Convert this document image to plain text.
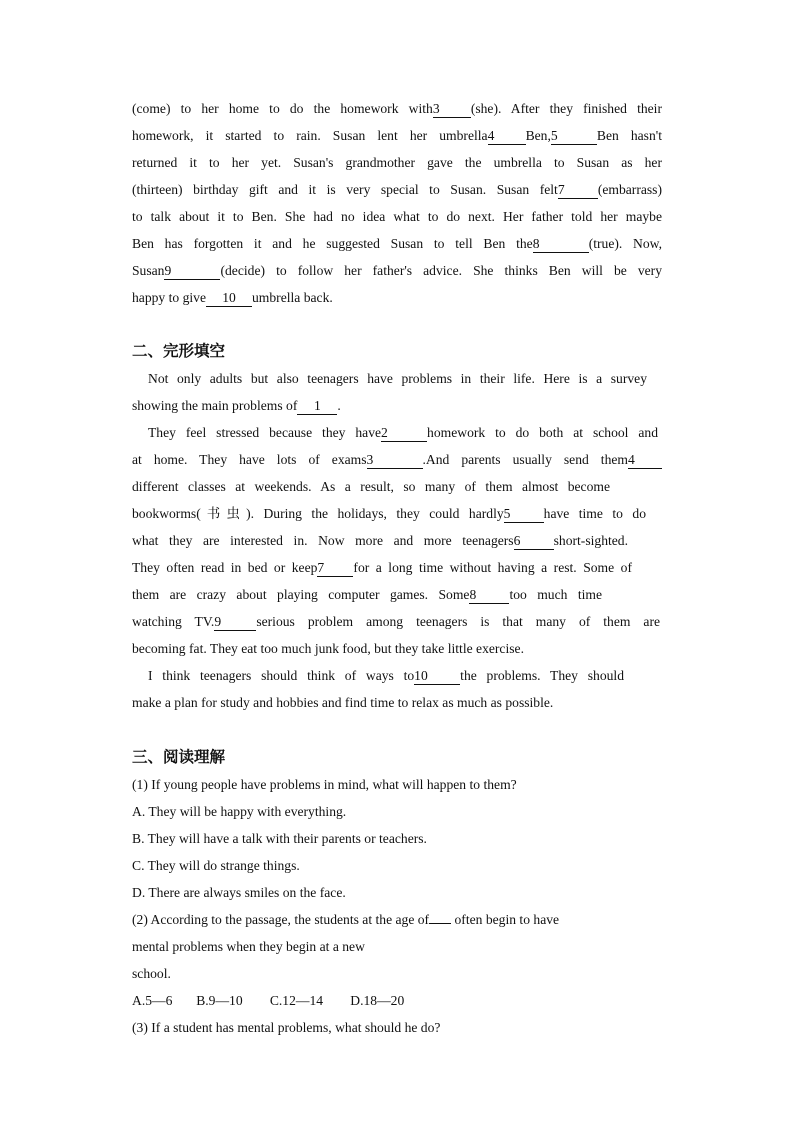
(come) to her home to do the homework with3 (she). After they finished their
homework, it started to rain. Susan lent her umbrella4 Ben,5	Ben hasn't
returned it to her yet. Susan's grandmother gave the umbrella to Susan as her
(thirteen) birthday gift and it is very special to Susan. Susan felt7 (embarrass)
to talk about it to Ben. She had no idea what to do next. Her father told her maybe
Ben has forgotten it and he suggested Susan to tell Ben the8	(true). Now,
Susan9	(decide) to follow her father's advice. She thinks Ben will be very
happy to give 10 umbrella back.
二、完形填空
Not only adults but also teenagers have problems in their life. Here is a survey
showing the main problems of 1 .
They feel stressed because they have2	homework to do both at school and
at home. They have lots of exams3	.And parents usually send them4
different classes at weekends. As a result, so many of them almost become
bookworms(书虫). During the holidays, they could hardly5 have time to do
what they are interested in. Now more and more teenagers6 short-sighted.
They often read in bed or keep7 for a long time without having a rest. Some of
them are crazy about playing computer games. Some8 too much time
watching TV.9	serious problem among teenagers is that many of them are
becoming fat. They eat too much junk food, but they take little exercise.
I think teenagers should think of ways to10 the problems. They should
make a plan for study and hobbies and find time to relax as much as possible.
三、阅读理解
(1) If young people have problems in mind, what will happen to them?
A. They will be happy with everything.
B. They will have a talk with their parents or teachers.
C. They will do strange things.
D. There are always smiles on the face.
(2) According to the passage, the students at the age of often begin to have
mental problems when they begin at a new
school.
A.5—6       B.9—10        C.12—14        D.18—20
(3) If a student has mental problems, what should he do?
